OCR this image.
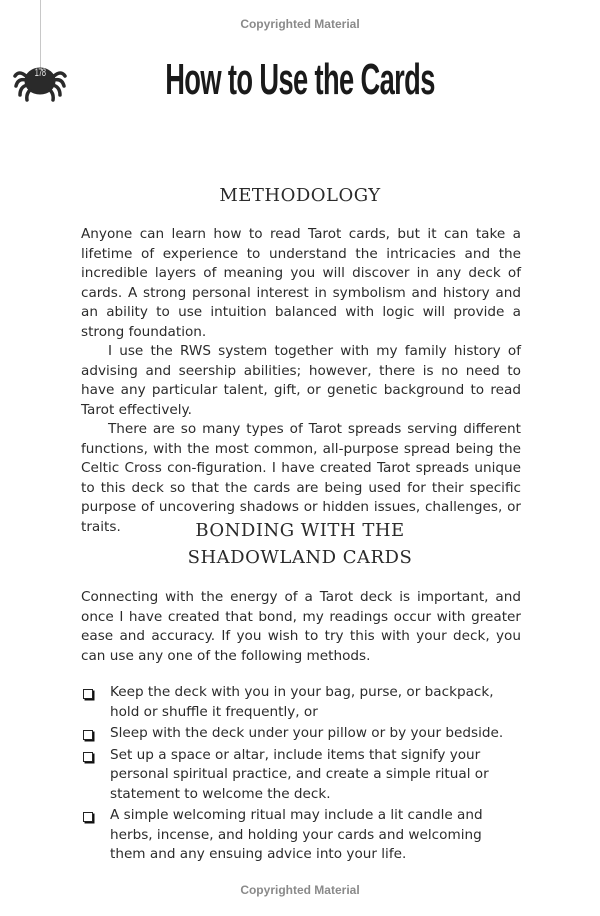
Copyrighted Material
178	How to Use the Cards
METHODOLOGY

Anyone can learn how to read Tarot cards, but it can take a lifetime of experience to understand the intricacies and the incredible layers of meaning you will discover in any deck of cards. A strong personal interest in symbolism and history and an ability to use intuition balanced with logic will provide a strong foundation.

I use the RWS system together with my family history of advising and seership abilities; however, there is no need to have any particular talent, gift, or genetic background to read Tarot effectively.

There are so many types of Tarot spreads serving different functions, with the most common, all-purpose spread being the Celtic Cross con-figuration. I have created Tarot spreads unique to this deck so that the cards are being used for their specific purpose of uncovering shadows or hidden issues, challenges, or traits.	BONDING WITH THE
SHADOWLAND CARDS

Connecting with the energy of a Tarot deck is important, and once I have created that bond, my readings occur with greater ease and accuracy. If you wish to try this with your deck, you can use any one of the following methods.

Keep the deck with you in your bag, purse, or backpack, hold or shuffle it frequently, or
Sleep with the deck under your pillow or by your bedside.
Set up a space or altar, include items that signify your personal spiritual practice, and create a simple ritual or statement to welcome the deck.
A simple welcoming ritual may include a lit candle and herbs, incense, and holding your cards and welcoming them and any ensuing advice into your life.
Copyrighted Material
